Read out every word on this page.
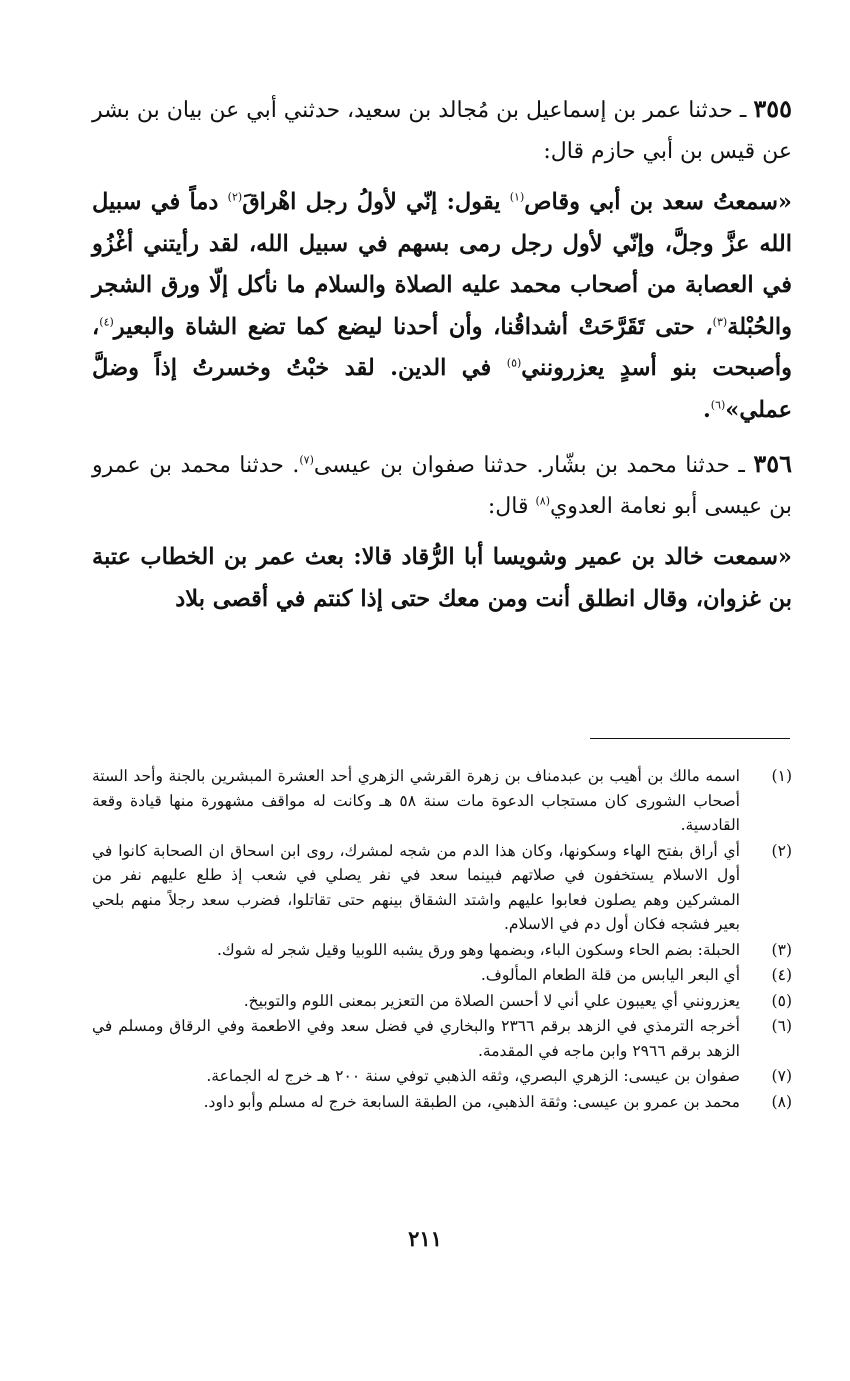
٣٥٥ ـ حدثنا عمر بن إسماعيل بن مُجالد بن سعيد، حدثني أبي عن بيان بن بشر عن قيس بن أبي حازم قال:

«سمعتُ سعد بن أبي وقاص$^{(١)}$ يقول: إنّي لأولُ رجل اهْراقَ$^{(٢)}$ دماً في سبيل الله عزَّ وجلَّ، وإنّي لأول رجل رمى بسهم في سبيل الله، لقد رأيتني أغْزُو في العصابة من أصحاب محمد عليه الصلاة والسلام ما نأكل إلّا ورق الشجر والحُبْلة$^{(٣)}$، حتى تَقَرَّحَتْ أشداقُنا، وأن أحدنا ليضع كما تضع الشاة والبعير$^{(٤)}$، وأصبحت بنو أسدٍ يعزرونني$^{(٥)}$ في الدين. لقد خبْتُ وخسرتُ إذاً وضلَّ عملي»$^{(٦)}$.

٣٥٦ ـ حدثنا محمد بن بشّار. حدثنا صفوان بن عيسى$^{(٧)}$. حدثنا محمد بن عمرو بن عيسى أبو نعامة العدوي$^{(٨)}$ قال:

«سمعت خالد بن عمير وشويسا أبا الرُّقاد قالا: بعث عمر بن الخطاب عتبة بن غزوان، وقال انطلق أنت ومن معك حتى إذا كنتم في أقصى بلاد

(١)
اسمه مالك بن أهيب بن عبدمناف بن زهرة القرشي الزهري أحد العشرة المبشرين بالجنة وأحد الستة أصحاب الشورى كان مستجاب الدعوة مات سنة ٥٨ هـ وكانت له مواقف مشهورة منها قيادة وقعة القادسية.
(٢)
أي أراق بفتح الهاء وسكونها، وكان هذا الدم من شجه لمشرك، روى ابن اسحاق ان الصحابة كانوا في أول الاسلام يستخفون في صلاتهم فبينما سعد في نفر يصلي في شعب إذ طلع عليهم نفر من المشركين وهم يصلون فعابوا عليهم واشتد الشقاق بينهم حتى تقاتلوا، فضرب سعد رجلاً منهم بلحي بعير فشجه فكان أول دم في الاسلام.
(٣)
الحبلة: بضم الحاء وسكون الباء، وبضمها وهو ورق يشبه اللوبيا وقيل شجر له شوك.
(٤)
أي البعر اليابس من قلة الطعام المألوف.
(٥)
يعزرونني أي يعيبون علي أني لا أحسن الصلاة من التعزير بمعنى اللوم والتوبيخ.
(٦)
أخرجه الترمذي في الزهد برقم ٢٣٦٦ والبخاري في فضل سعد وفي الاطعمة وفي الرقاق ومسلم في الزهد برقم ٢٩٦٦ وابن ماجه في المقدمة.
(٧)
صفوان بن عيسى: الزهري البصري، وثقه الذهبي توفي سنة ٢٠٠ هـ خرج له الجماعة.
(٨)
محمد بن عمرو بن عيسى: وثقة الذهبي، من الطبقة السابعة خرج له مسلم وأبو داود.
٢١١
